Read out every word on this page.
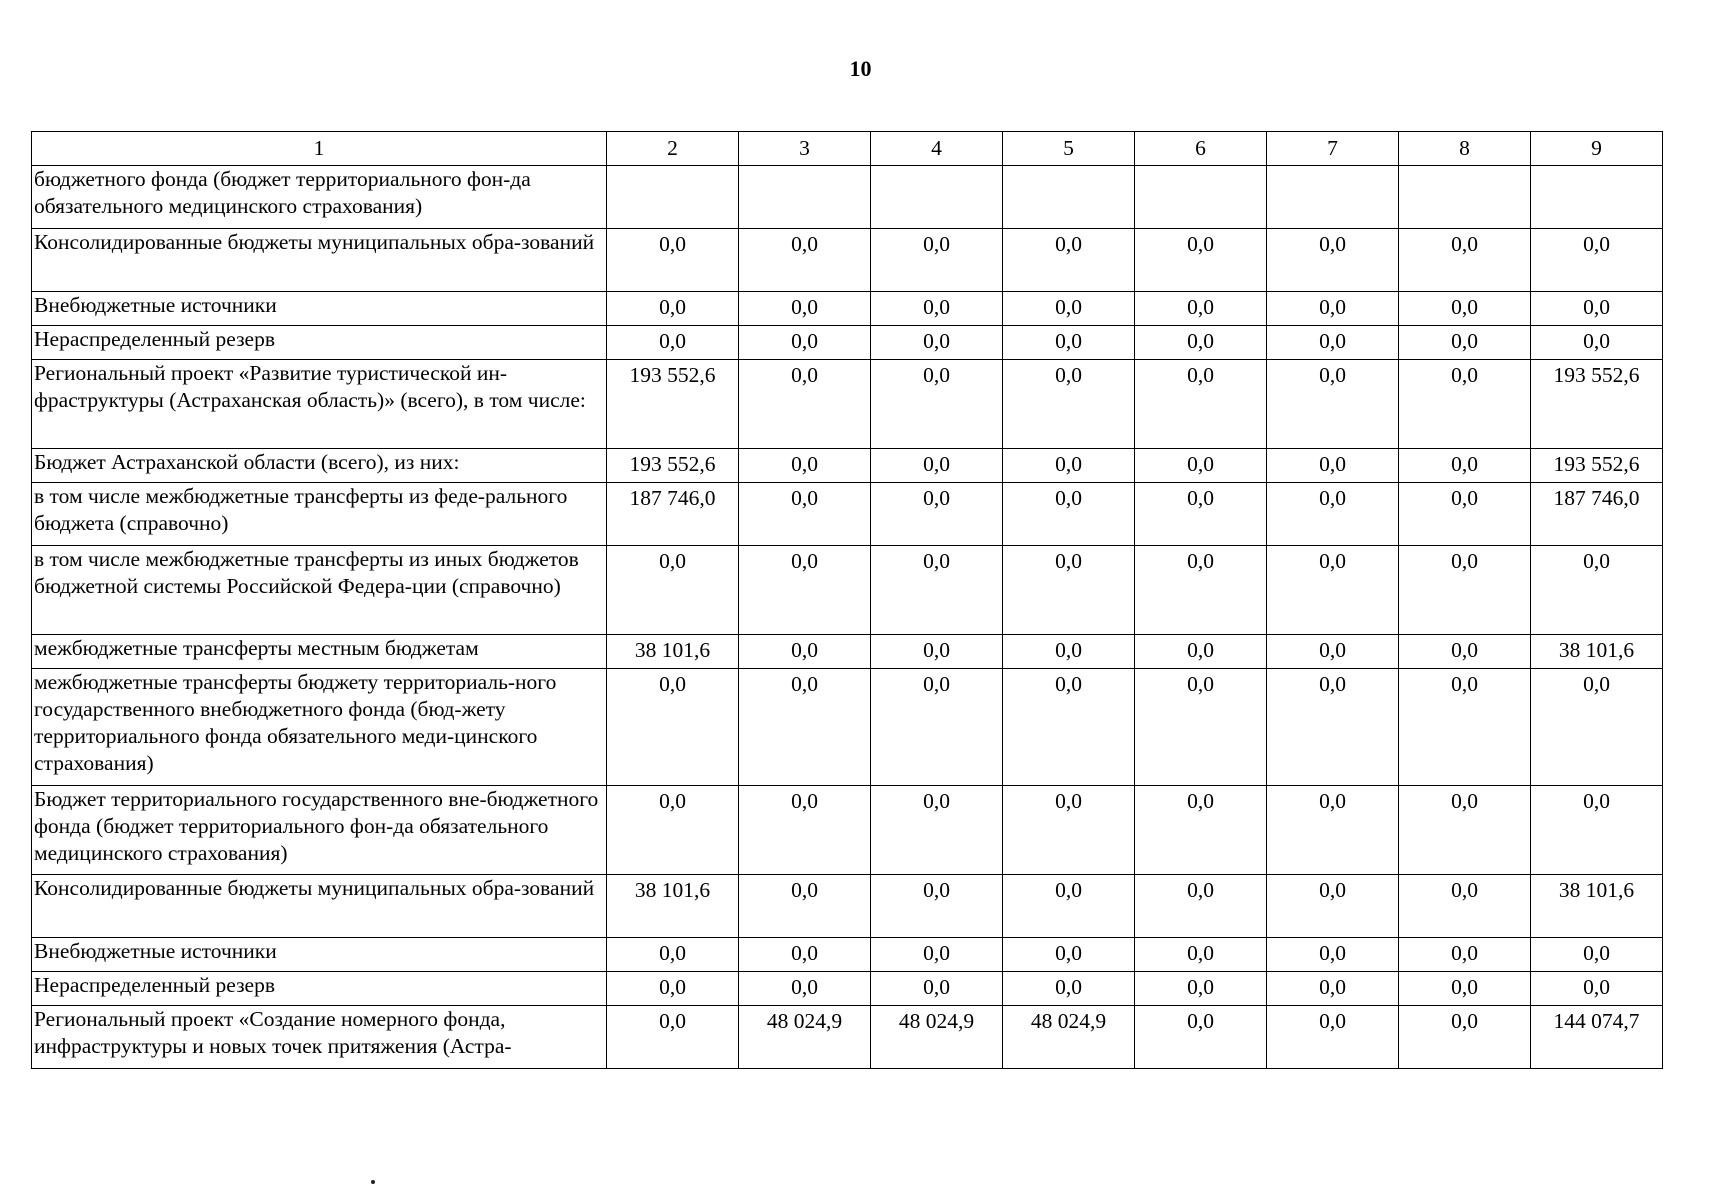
10
1	2	3	4	5	6	7	8	9
бюджетного фонда (бюджет территориального фон-да обязательного медицинского страхования)								
Консолидированные бюджеты муниципальных обра-зований	0,0	0,0	0,0	0,0	0,0	0,0	0,0	0,0
Внебюджетные источники	0,0	0,0	0,0	0,0	0,0	0,0	0,0	0,0
Нераспределенный резерв	0,0	0,0	0,0	0,0	0,0	0,0	0,0	0,0
Региональный проект «Развитие туристической ин-фраструктуры (Астраханская область)» (всего), в том числе:	193 552,6	0,0	0,0	0,0	0,0	0,0	0,0	193 552,6
Бюджет Астраханской области (всего), из них:	193 552,6	0,0	0,0	0,0	0,0	0,0	0,0	193 552,6
в том числе межбюджетные трансферты из феде-рального бюджета (справочно)	187 746,0	0,0	0,0	0,0	0,0	0,0	0,0	187 746,0
в том числе межбюджетные трансферты из иных бюджетов бюджетной системы Российской Федера-ции (справочно)	0,0	0,0	0,0	0,0	0,0	0,0	0,0	0,0
межбюджетные трансферты местным бюджетам	38 101,6	0,0	0,0	0,0	0,0	0,0	0,0	38 101,6
межбюджетные трансферты бюджету территориаль-ного государственного внебюджетного фонда (бюд-жету территориального фонда обязательного меди-цинского страхования)	0,0	0,0	0,0	0,0	0,0	0,0	0,0	0,0
Бюджет территориального государственного вне-бюджетного фонда (бюджет территориального фон-да обязательного медицинского страхования)	0,0	0,0	0,0	0,0	0,0	0,0	0,0	0,0
Консолидированные бюджеты муниципальных обра-зований	38 101,6	0,0	0,0	0,0	0,0	0,0	0,0	38 101,6
Внебюджетные источники	0,0	0,0	0,0	0,0	0,0	0,0	0,0	0,0
Нераспределенный резерв	0,0	0,0	0,0	0,0	0,0	0,0	0,0	0,0
Региональный проект «Создание номерного фонда, инфраструктуры и новых точек притяжения (Астра-	0,0	48 024,9	48 024,9	48 024,9	0,0	0,0	0,0	144 074,7
